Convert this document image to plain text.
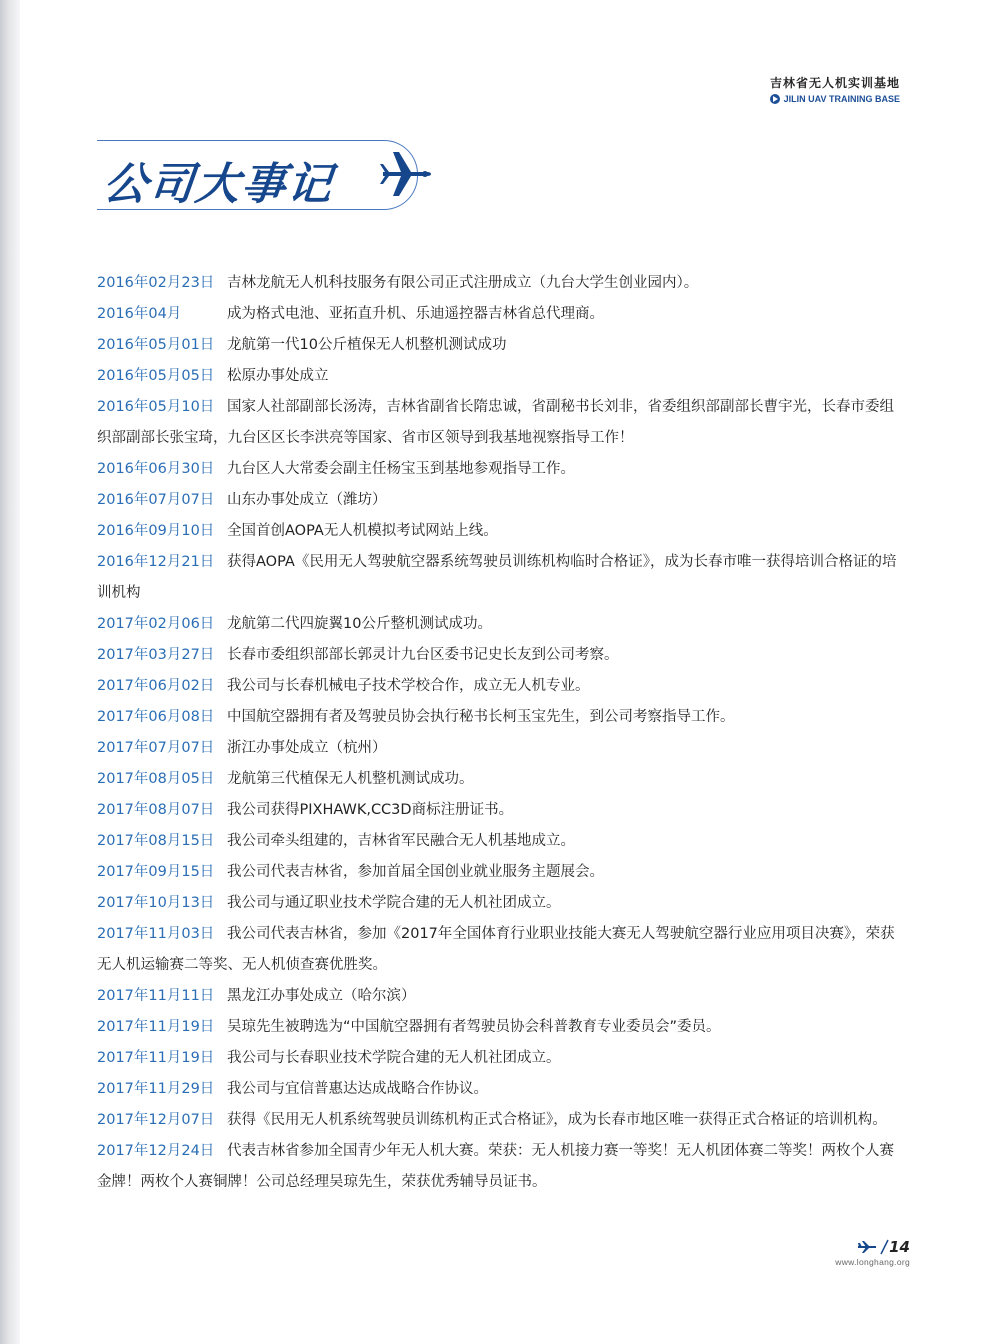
吉林省无人机实训基地
JILIN UAV TRAINING BASE
公司大事记

2016年02月23日 吉林龙航无人机科技服务有限公司正式注册成立（九台大学生创业园内）。

2016年04月	成为格式电池、亚拓直升机、乐迪遥控器吉林省总代理商。

2016年05月01日 龙航第一代10公斤植保无人机整机测试成功

2016年05月05日 松原办事处成立

2016年05月10日 国家人社部副部长汤涛，吉林省副省长隋忠诚，省副秘书长刘非，省委组织部副部长曹宇光，长春市委组织部副部长张宝琦，九台区区长李洪亮等国家、省市区领导到我基地视察指导工作！

2016年06月30日 九台区人大常委会副主任杨宝玉到基地参观指导工作。

2016年07月07日 山东办事处成立（潍坊）

2016年09月10日 全国首创AOPA无人机模拟考试网站上线。

2016年12月21日 获得AOPA《民用无人驾驶航空器系统驾驶员训练机构临时合格证》，成为长春市唯一获得培训合格证的培训机构

2017年02月06日 龙航第二代四旋翼10公斤整机测试成功。

2017年03月27日 长春市委组织部部长郭灵计九台区委书记史长友到公司考察。

2017年06月02日 我公司与长春机械电子技术学校合作，成立无人机专业。

2017年06月08日 中国航空器拥有者及驾驶员协会执行秘书长柯玉宝先生，到公司考察指导工作。

2017年07月07日 浙江办事处成立（杭州）

2017年08月05日 龙航第三代植保无人机整机测试成功。

2017年08月07日 我公司获得PIXHAWK,CC3D商标注册证书。

2017年08月15日 我公司牵头组建的，吉林省军民融合无人机基地成立。

2017年09月15日 我公司代表吉林省，参加首届全国创业就业服务主题展会。

2017年10月13日 我公司与通辽职业技术学院合建的无人机社团成立。

2017年11月03日 我公司代表吉林省，参加《2017年全国体育行业职业技能大赛无人驾驶航空器行业应用项目决赛》，荣获无人机运输赛二等奖、无人机侦查赛优胜奖。

2017年11月11日 黑龙江办事处成立（哈尔滨）

2017年11月19日 吴琼先生被聘选为“中国航空器拥有者驾驶员协会科普教育专业委员会”委员。

2017年11月19日 我公司与长春职业技术学院合建的无人机社团成立。

2017年11月29日 我公司与宜信普惠达达成战略合作协议。

2017年12月07日 获得《民用无人机系统驾驶员训练机构正式合格证》，成为长春市地区唯一获得正式合格证的培训机构。

2017年12月24日 代表吉林省参加全国青少年无人机大赛。荣获：无人机接力赛一等奖！无人机团体赛二等奖！两枚个人赛金牌！两枚个人赛铜牌！公司总经理吴琼先生，荣获优秀辅导员证书。

14
www.longhang.org
